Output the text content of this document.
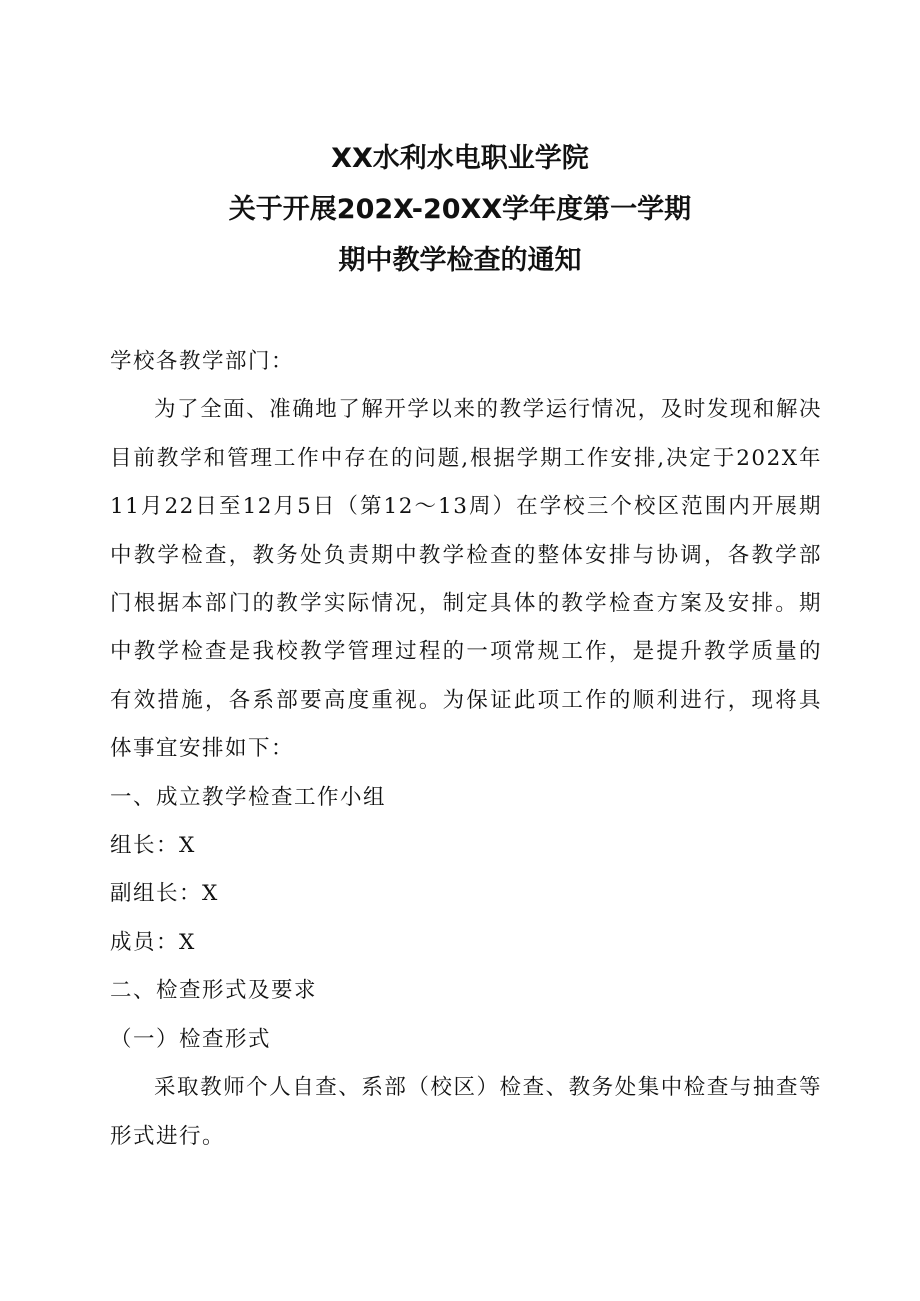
XX水利水电职业学院
关于开展202X-20XX学年度第一学期
期中教学检查的通知

学校各教学部门：

为了全面、准确地了解开学以来的教学运行情况，及时发现和解决目前教学和管理工作中存在的问题,根据学期工作安排,决定于202X年11月22日至12月5日（第12～13周）在学校三个校区范围内开展期中教学检查，教务处负责期中教学检查的整体安排与协调，各教学部门根据本部门的教学实际情况，制定具体的教学检查方案及安排。期中教学检查是我校教学管理过程的一项常规工作，是提升教学质量的有效措施，各系部要高度重视。为保证此项工作的顺利进行，现将具体事宜安排如下：

一、成立教学检查工作小组

组长：X

副组长：X

成员：X

二、检查形式及要求

（一）检查形式

采取教师个人自查、系部（校区）检查、教务处集中检查与抽查等形式进行。
